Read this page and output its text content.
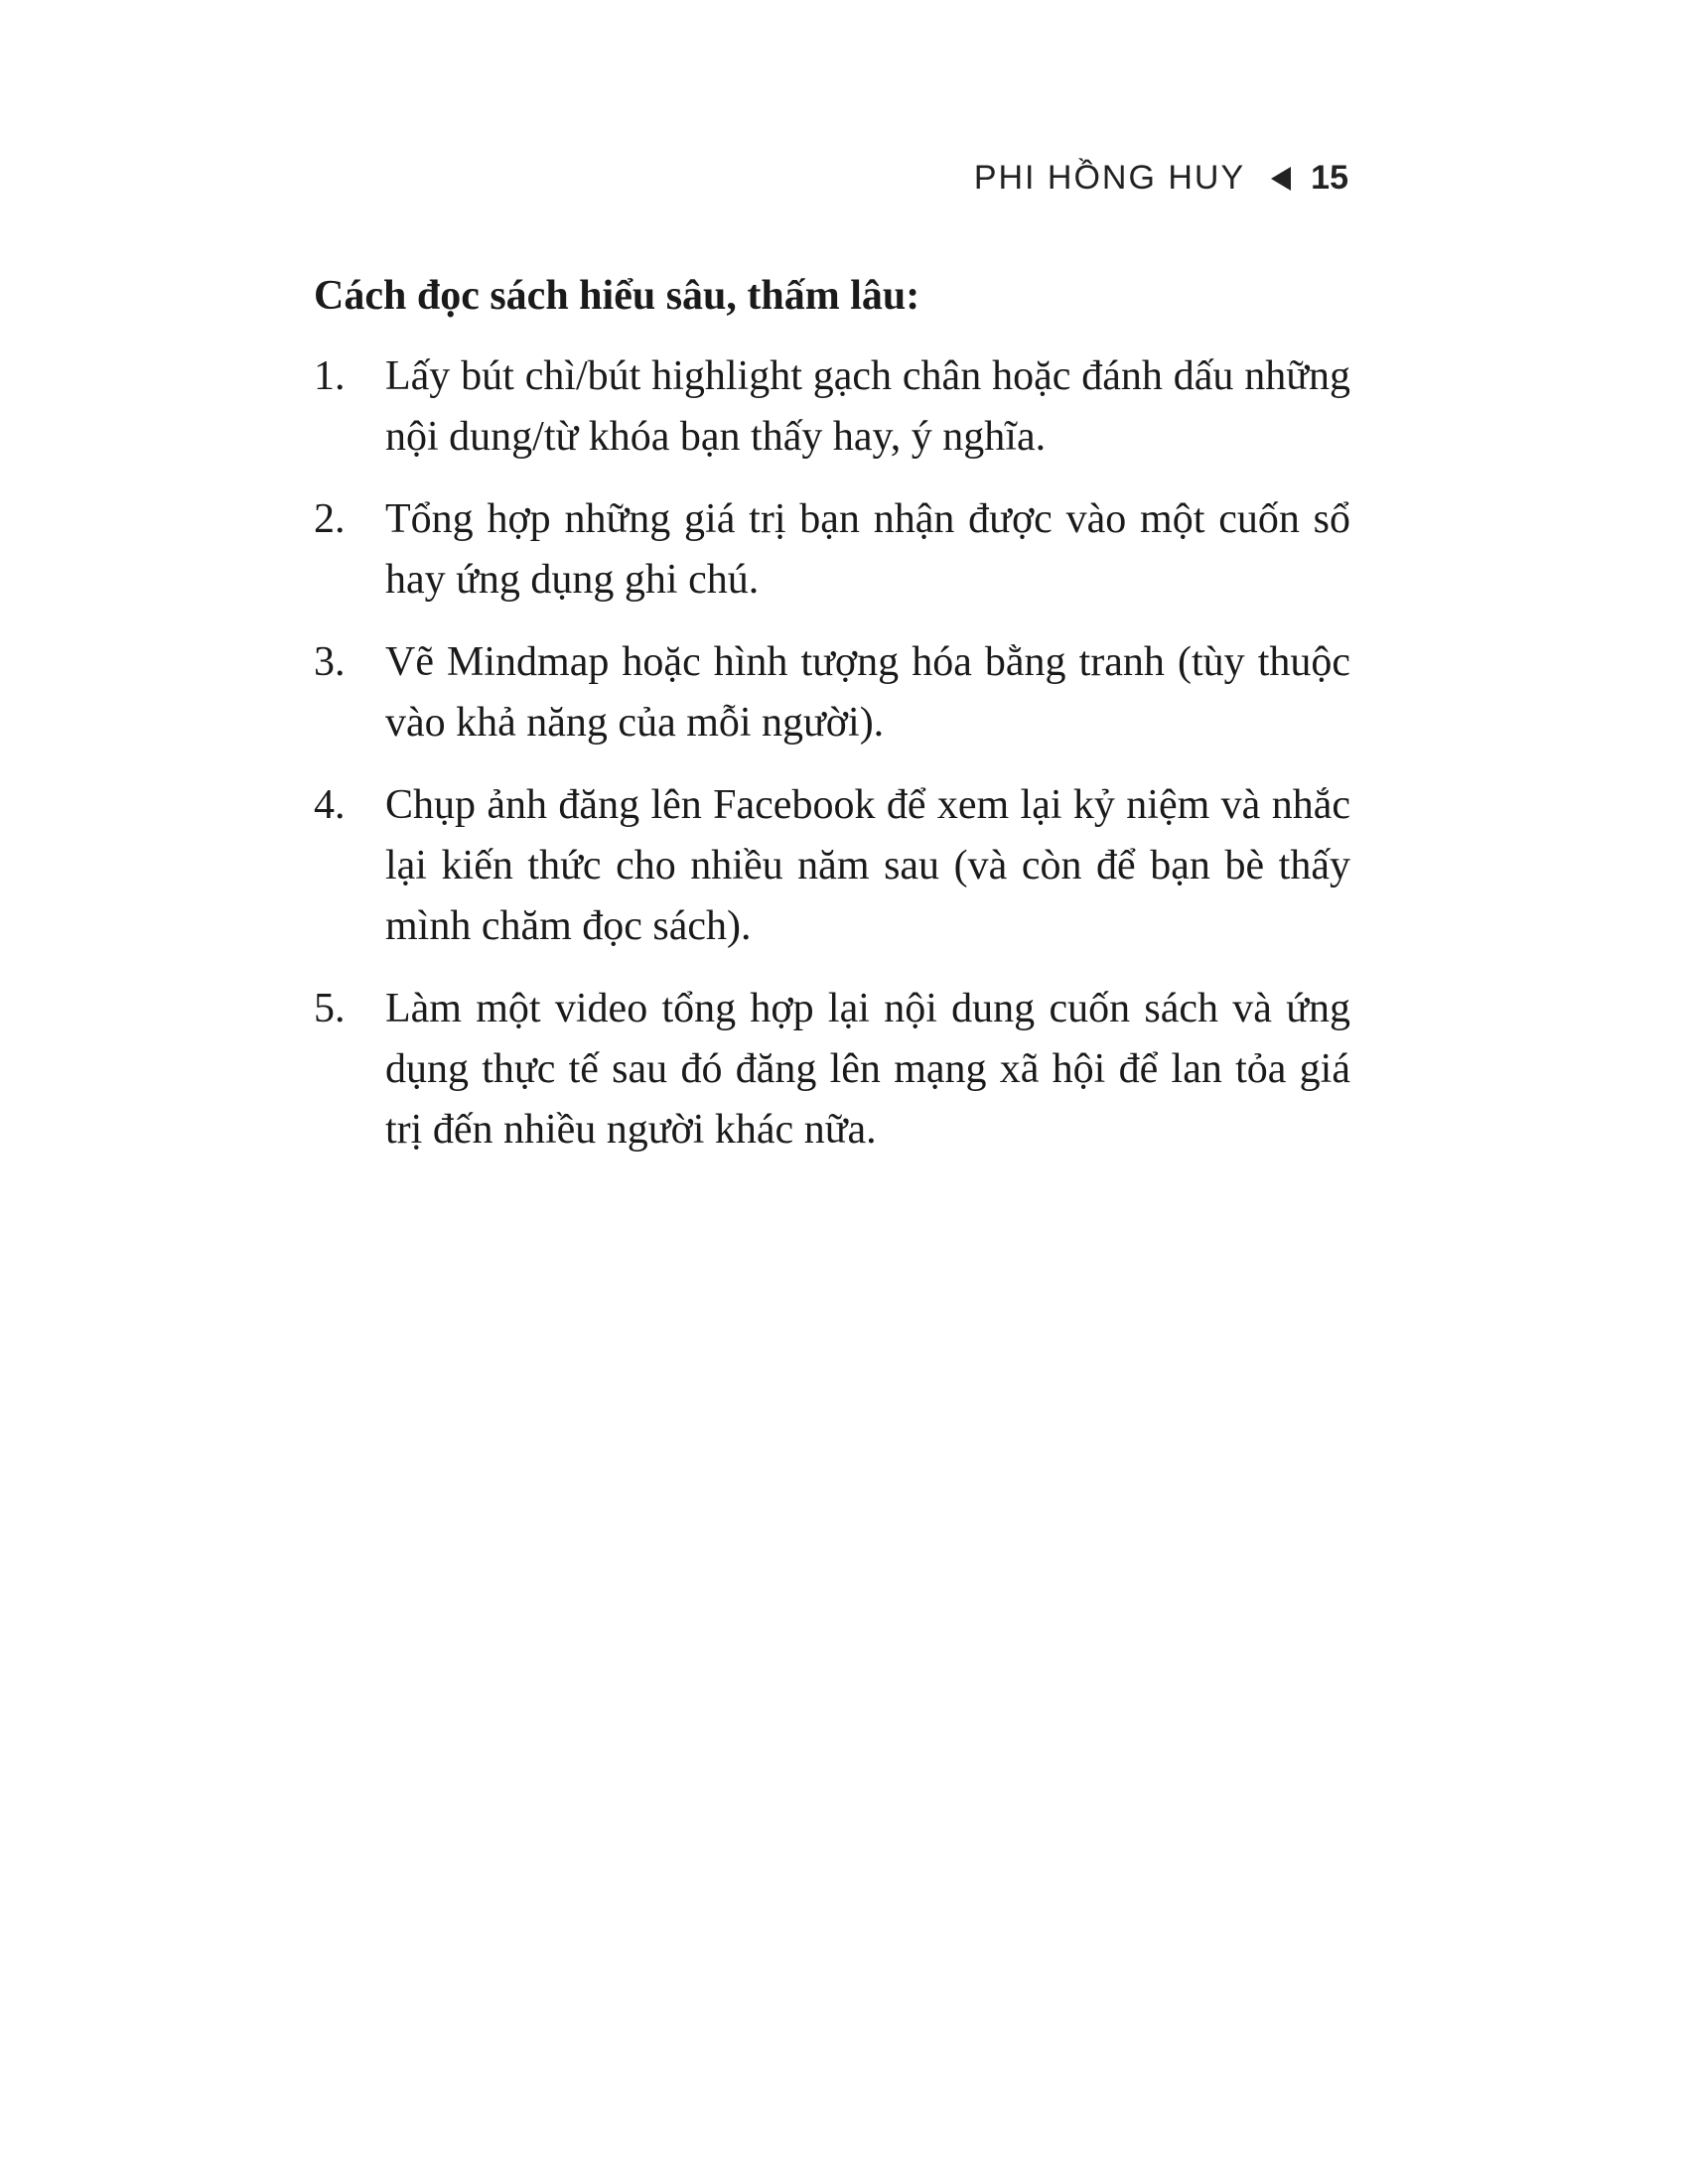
PHI HỒNG HUY 15
Cách đọc sách hiểu sâu, thấm lâu:
1. Lấy bút chì/bút highlight gạch chân hoặc đánh dấu những nội dung/từ khóa bạn thấy hay, ý nghĩa.
2. Tổng hợp những giá trị bạn nhận được vào một cuốn sổ hay ứng dụng ghi chú.
3. Vẽ Mindmap hoặc hình tượng hóa bằng tranh (tùy thuộc vào khả năng của mỗi người).
4. Chụp ảnh đăng lên Facebook để xem lại kỷ niệm và nhắc lại kiến thức cho nhiều năm sau (và còn để bạn bè thấy mình chăm đọc sách).
5. Làm một video tổng hợp lại nội dung cuốn sách và ứng dụng thực tế sau đó đăng lên mạng xã hội để lan tỏa giá trị đến nhiều người khác nữa.
